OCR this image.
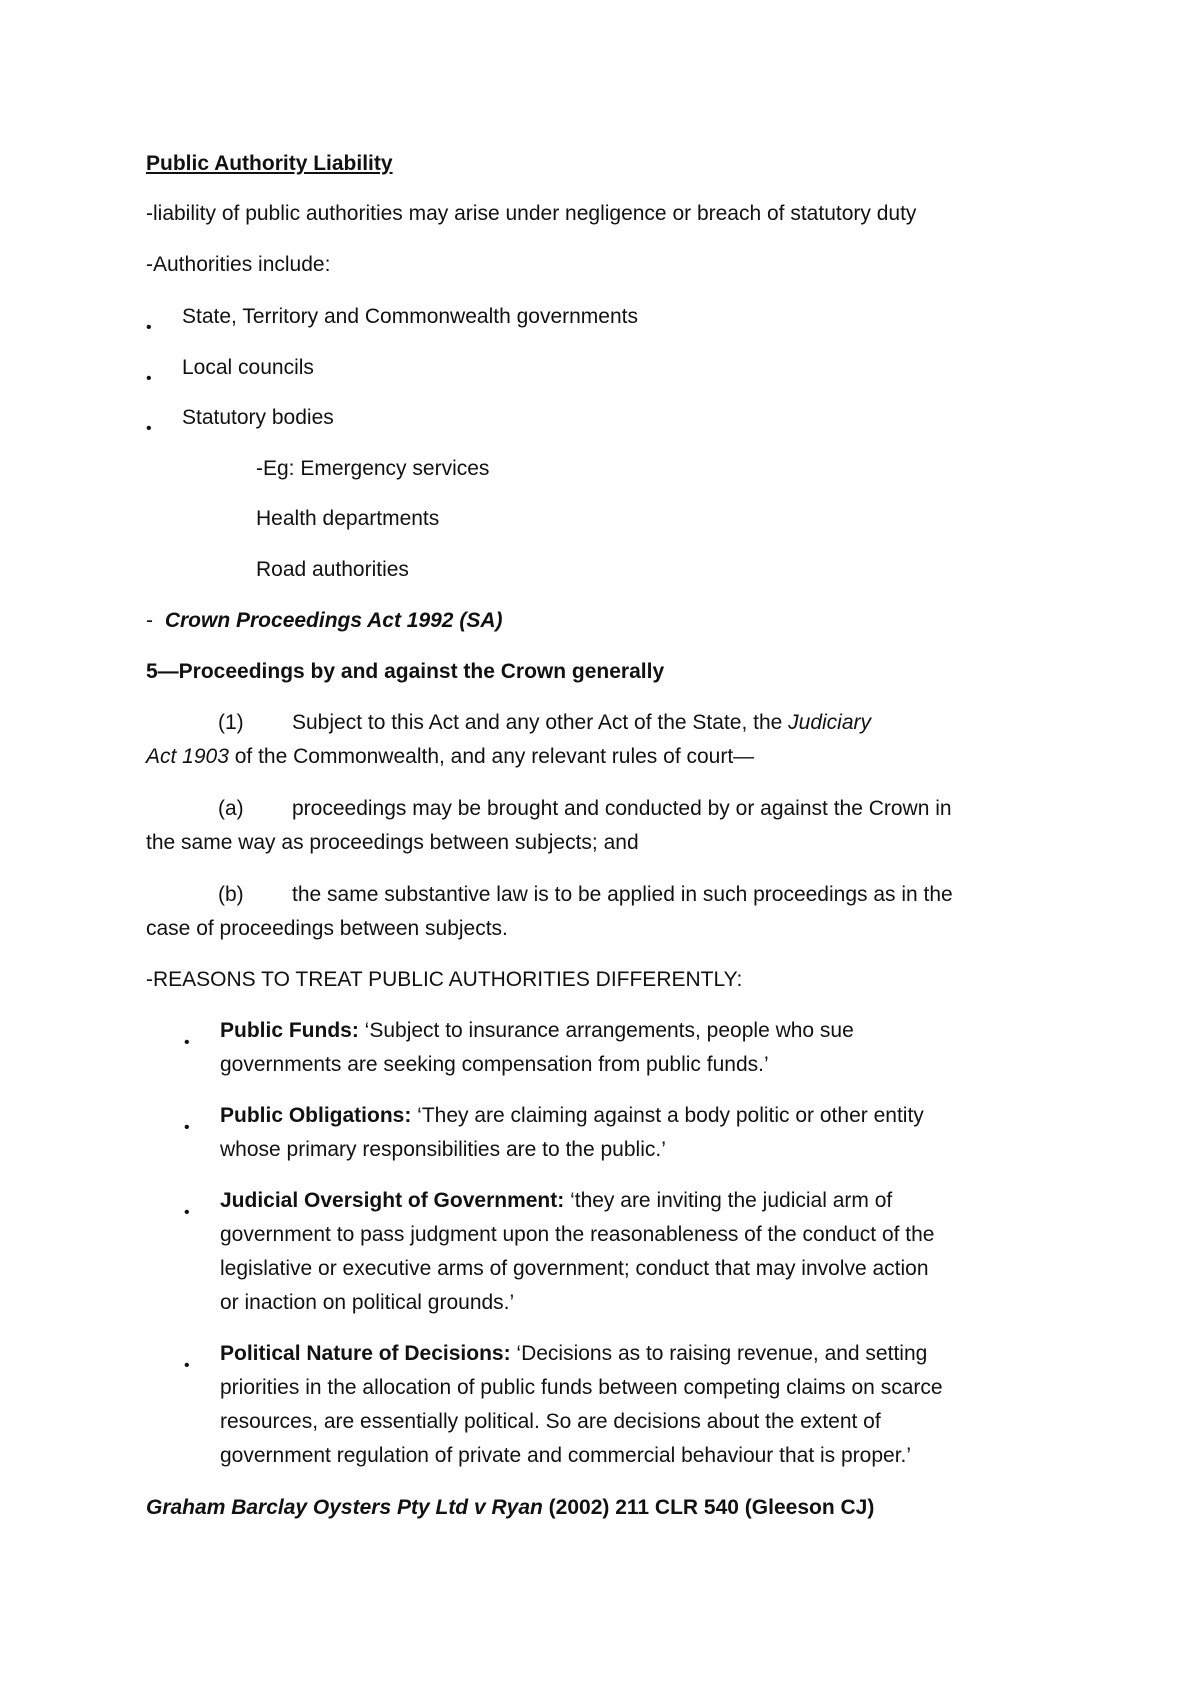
Public Authority Liability
-liability of public authorities may arise under negligence or breach of statutory duty
-Authorities include:
• State, Territory and Commonwealth governments
• Local councils
• Statutory bodies
-Eg: Emergency services
Health departments
Road authorities
- Crown Proceedings Act 1992 (SA)
5—Proceedings by and against the Crown generally
(1) Subject to this Act and any other Act of the State, the Judiciary
Act 1903 of the Commonwealth, and any relevant rules of court—
(a) proceedings may be brought and conducted by or against the Crown in
the same way as proceedings between subjects; and
(b) the same substantive law is to be applied in such proceedings as in the
case of proceedings between subjects.
-REASONS TO TREAT PUBLIC AUTHORITIES DIFFERENTLY:
•
Public Funds: ‘Subject to insurance arrangements, people who sue
governments are seeking compensation from public funds.’
•
Public Obligations: ‘They are claiming against a body politic or other entity
whose primary responsibilities are to the public.’
•
Judicial Oversight of Government: ‘they are inviting the judicial arm of
government to pass judgment upon the reasonableness of the conduct of the
legislative or executive arms of government; conduct that may involve action
or inaction on political grounds.’
•
Political Nature of Decisions: ‘Decisions as to raising revenue, and setting
priorities in the allocation of public funds between competing claims on scarce
resources, are essentially political. So are decisions about the extent of
government regulation of private and commercial behaviour that is proper.’
Graham Barclay Oysters Pty Ltd v Ryan (2002) 211 CLR 540 (Gleeson CJ)
